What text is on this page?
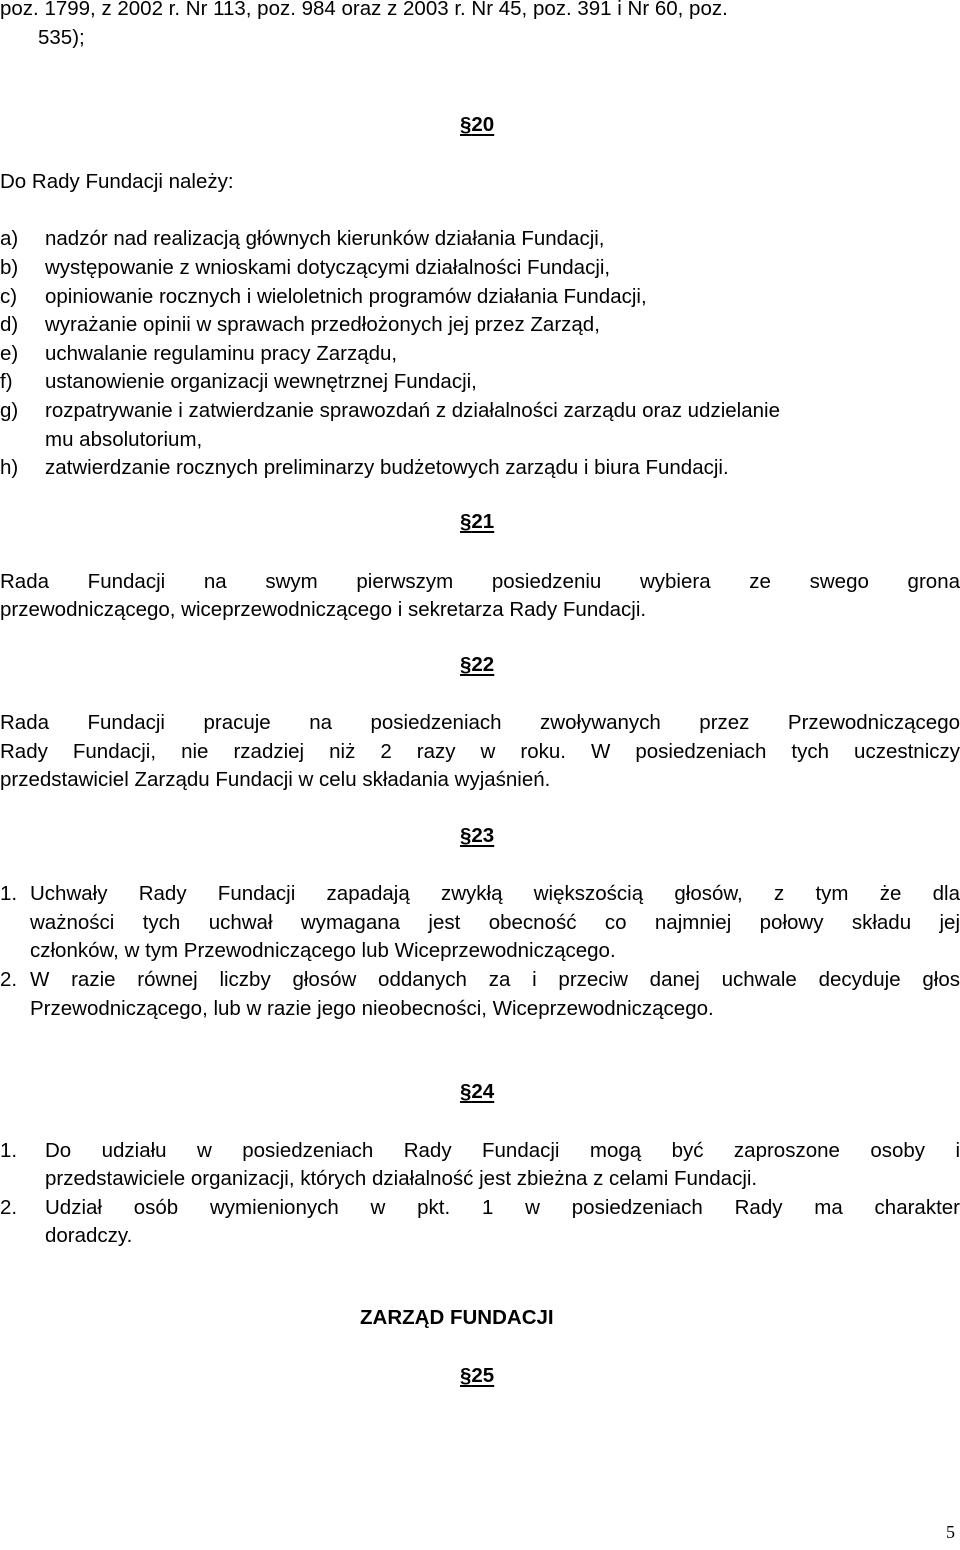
poz. 1799, z 2002 r. Nr 113, poz. 984 oraz z 2003 r. Nr 45, poz. 391 i Nr 60, poz.
535);
§20
Do Rady Fundacji należy:
a) nadzór nad realizacją głównych kierunków działania Fundacji,
b) występowanie z wnioskami dotyczącymi działalności Fundacji,
c) opiniowanie rocznych i wieloletnich programów działania Fundacji,
d) wyrażanie opinii w sprawach przedłożonych jej przez Zarząd,
e) uchwalanie regulaminu pracy Zarządu,
f) ustanowienie organizacji wewnętrznej Fundacji,
g) rozpatrywanie i zatwierdzanie sprawozdań z działalności zarządu oraz udzielanie
mu absolutorium,
h) zatwierdzanie rocznych preliminarzy budżetowych zarządu i biura Fundacji.
§21
Rada Fundacji na swym pierwszym posiedzeniu wybiera ze swego grona
przewodniczącego, wiceprzewodniczącego i sekretarza Rady Fundacji.
§22
Rada Fundacji pracuje na posiedzeniach zwoływanych przez Przewodniczącego
Rady Fundacji, nie rzadziej niż 2 razy w roku. W posiedzeniach tych uczestniczy
przedstawiciel Zarządu Fundacji w celu składania wyjaśnień.
§23
1. Uchwały Rady Fundacji zapadają zwykłą większością głosów, z tym że dla
ważności tych uchwał wymagana jest obecność co najmniej połowy składu jej
członków, w tym Przewodniczącego lub Wiceprzewodniczącego.
2. W razie równej liczby głosów oddanych za i przeciw danej uchwale decyduje głos
Przewodniczącego, lub w razie jego nieobecności, Wiceprzewodniczącego.
§24
1. Do udziału w posiedzeniach Rady Fundacji mogą być zaproszone osoby i
przedstawiciele organizacji, których działalność jest zbieżna z celami Fundacji.
2. Udział osób wymienionych w pkt. 1 w posiedzeniach Rady ma charakter
doradczy.
ZARZĄD FUNDACJI
§25
5
